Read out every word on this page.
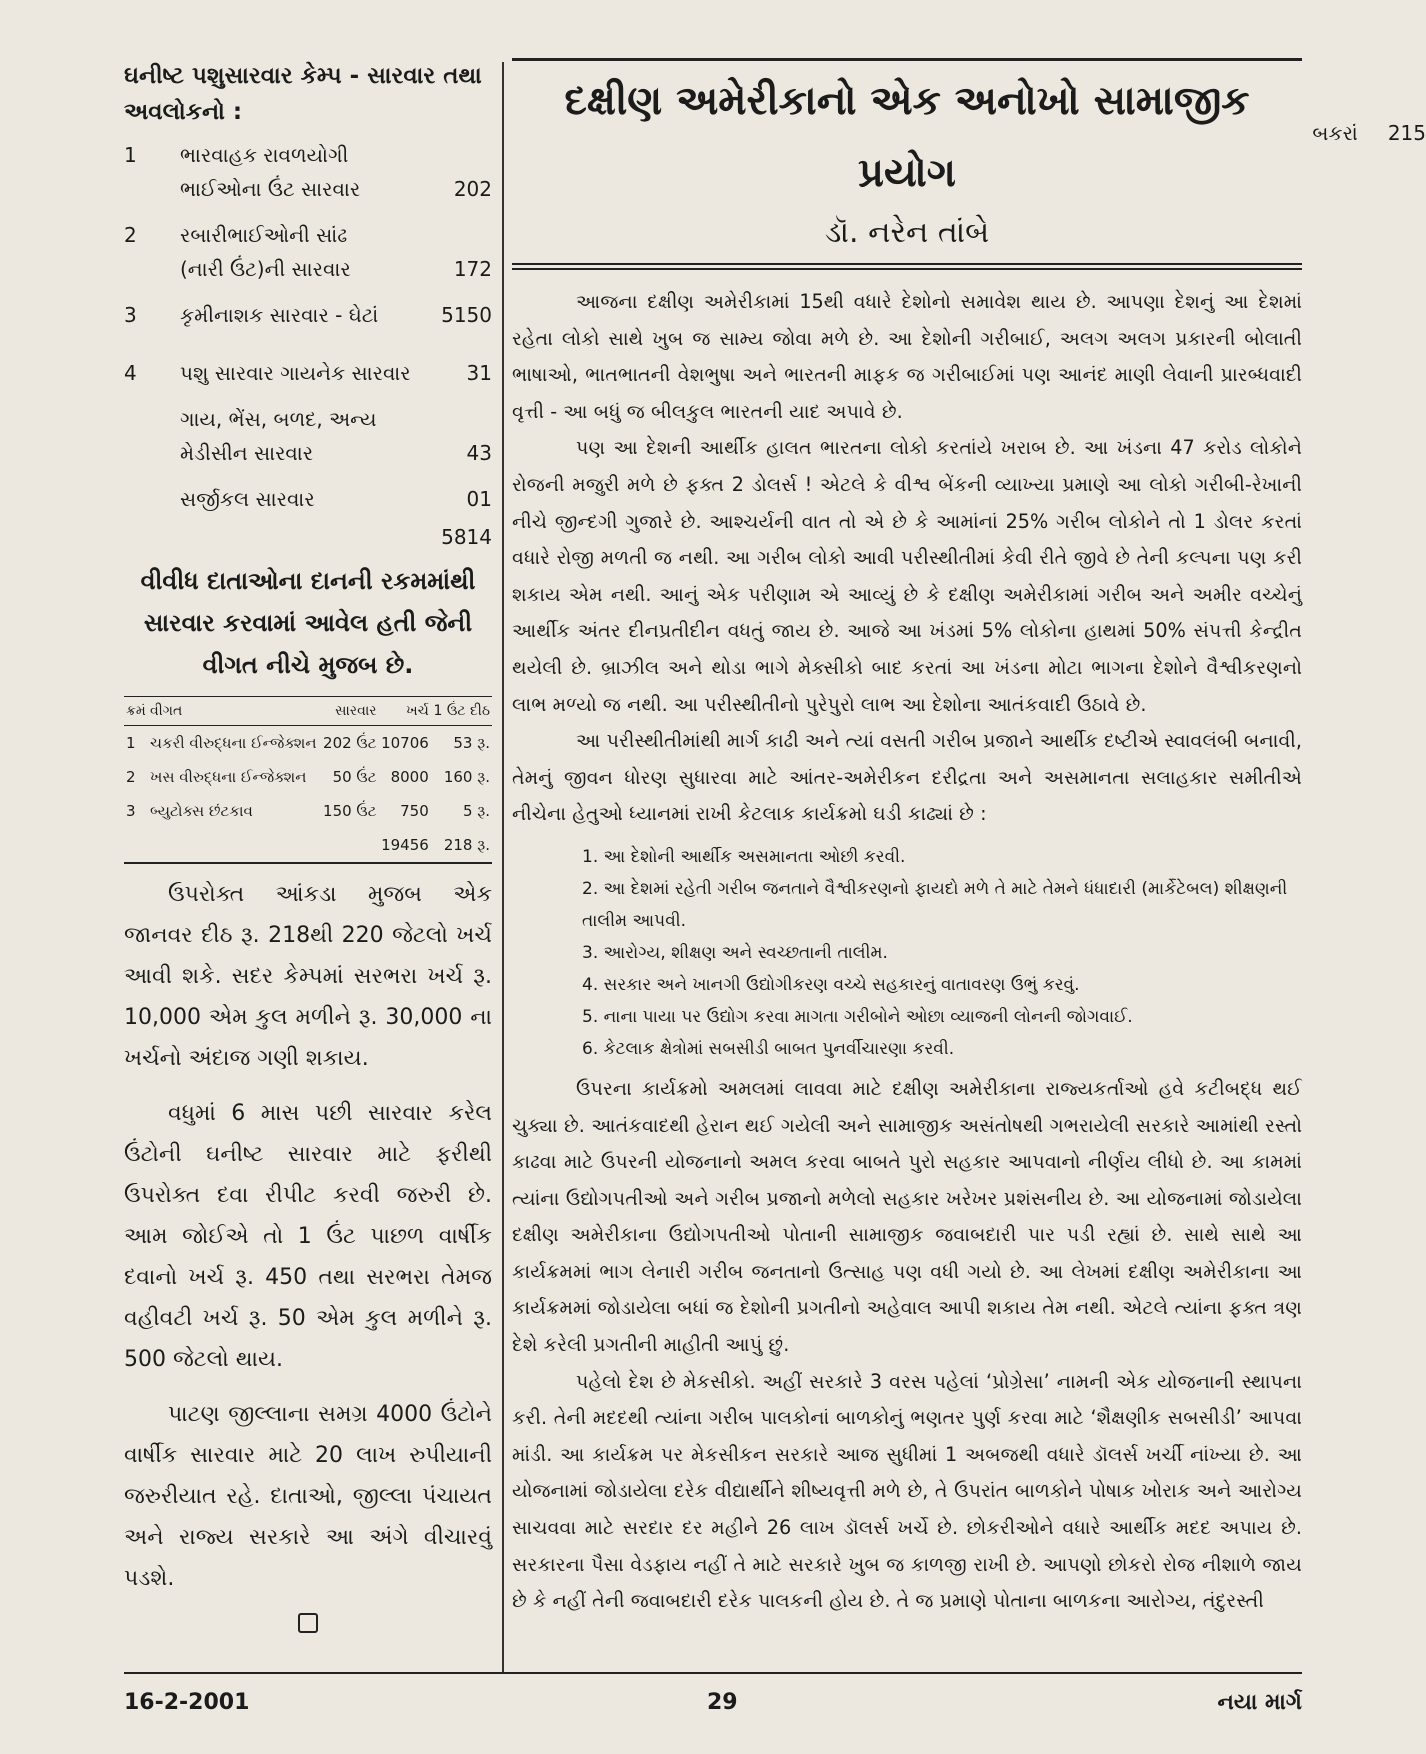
ઘનીષ્ટ પશુસારવાર કેમ્પ - સારવાર તથા અવલોકનો :
1	ભારવાહક રાવળયોગી
ભાઈઓના ઉંટ સારવાર	202
2	રબારીભાઈઓની સાંઢ
(નારી ઉંટ)ની સારવાર	172
3	કૃમીનાશક સારવાર - ઘેટાં	5150
બકરાં 215
4	પશુ સારવાર ગાયનેક સારવાર	31
ગાય, ભેંસ, બળદ, અન્ય
મેડીસીન સારવાર	43
સર્જીકલ સારવાર	01
5814
વીવીધ દાતાઓના દાનની રકમમાંથી સારવાર કરવામાં આવેલ હતી જેની વીગત નીચે મુજબ છે.
ક્રમં	વીગત	સારવાર	ખર્ચ	1 ઉંટ દીઠ
1	ચકરી વીરુદ્ધના ઈન્જેક્શન	202 ઉંટ	10706	53 રૂ.
2	ખસ વીરુદ્ધના ઈન્જેક્શન	50 ઉંટ	8000	160 રૂ.
3	બ્યુટોક્સ છંટકાવ	150 ઉંટ	750	5 રૂ.
			19456	218 રૂ.

ઉપરોક્ત આંકડા મુજબ એક જાનવર દીઠ રૂ. 218થી 220 જેટલો ખર્ચ આવી શકે. સદર કેમ્પમાં સરભરા ખર્ચ રૂ. 10,000 એમ કુલ મળીને રૂ. 30,000 ના ખર્ચનો અંદાજ ગણી શકાય.

વધુમાં 6 માસ પછી સારવાર કરેલ ઉંટોની ઘનીષ્ટ સારવાર માટે ફરીથી ઉપરોક્ત દવા રીપીટ કરવી જરુરી છે. આમ જોઈએ તો 1 ઉંટ પાછળ વાર્ષીક દવાનો ખર્ચ રૂ. 450 તથા સરભરા તેમજ વહીવટી ખર્ચ રૂ. 50 એમ કુલ મળીને રૂ. 500 જેટલો થાય.

પાટણ જીલ્લાના સમગ્ર 4000 ઉંટોને વાર્ષીક સારવાર માટે 20 લાખ રુપીયાની જરુરીયાત રહે. દાતાઓ, જીલ્લા પંચાયત અને રાજ્ય સરકારે આ અંગે વીચારવું પડશે.

દક્ષીણ અમેરીકાનો એક અનોખો સામાજીક પ્રયોગ
ડૉ. નરેન તાંબે

આજના દક્ષીણ અમેરીકામાં 15થી વધારે દેશોનો સમાવેશ થાય છે. આપણા દેશનું આ દેશમાં રહેતા લોકો સાથે ખુબ જ સામ્ય જોવા મળે છે. આ દેશોની ગરીબાઈ, અલગ અલગ પ્રકારની બોલાતી ભાષાઓ, ભાતભાતની વેશભુષા અને ભારતની માફક જ ગરીબાઈમાં પણ આનંદ માણી લેવાની પ્રારબ્ધવાદી વૃત્તી - આ બધું જ બીલકુલ ભારતની યાદ અપાવે છે.

પણ આ દેશની આર્થીક હાલત ભારતના લોકો કરતાંયે ખરાબ છે. આ ખંડના 47 કરોડ લોકોને રોજની મજુરી મળે છે ફક્ત 2 ડોલર્સ ! એટલે કે વીશ્વ બેંકની વ્યાખ્યા પ્રમાણે આ લોકો ગરીબી-રેખાની નીચે જીન્દગી ગુજારે છે. આશ્ચર્યની વાત તો એ છે કે આમાંનાં 25% ગરીબ લોકોને તો 1 ડોલર કરતાં વધારે રોજી મળતી જ નથી. આ ગરીબ લોકો આવી પરીસ્થીતીમાં કેવી રીતે જીવે છે તેની કલ્પના પણ કરી શકાય એમ નથી. આનું એક પરીણામ એ આવ્યું છે કે દક્ષીણ અમેરીકામાં ગરીબ અને અમીર વચ્ચેનું આર્થીક અંતર દીનપ્રતીદીન વધતું જાય છે. આજે આ ખંડમાં 5% લોકોના હાથમાં 50% સંપત્તી કેન્દ્રીત થયેલી છે. બ્રાઝીલ અને થોડા ભાગે મેક્સીકો બાદ કરતાં આ ખંડના મોટા ભાગના દેશોને વૈશ્વીકરણનો લાભ મળ્યો જ નથી. આ પરીસ્થીતીનો પુરેપુરો લાભ આ દેશોના આતંકવાદી ઉઠાવે છે.

આ પરીસ્થીતીમાંથી માર્ગ કાઢી અને ત્યાં વસતી ગરીબ પ્રજાને આર્થીક દષ્ટીએ સ્વાવલંબી બનાવી, તેમનું જીવન ધોરણ સુધારવા માટે આંતર-અમેરીકન દરીદ્રતા અને અસમાનતા સલાહકાર સમીતીએ નીચેના હેતુઓ ધ્યાનમાં રાખી કેટલાક કાર્યક્રમો ઘડી કાઢ્યાં છે :

1. આ દેશોની આર્થીક અસમાનતા ઓછી કરવી.
2. આ દેશમાં રહેતી ગરીબ જનતાને વૈશ્વીકરણનો ફાયદો મળે તે માટે તેમને ધંધાદારી (માર્કેટેબલ) શીક્ષણની તાલીમ આપવી.
3. આરોગ્ય, શીક્ષણ અને સ્વચ્છતાની તાલીમ.
4. સરકાર અને ખાનગી ઉદ્યોગીકરણ વચ્ચે સહકારનું વાતાવરણ ઉભું કરવું.
5. નાના પાયા પર ઉદ્યોગ કરવા માગતા ગરીબોને ઓછા વ્યાજની લોનની જોગવાઈ.
6. કેટલાક ક્ષેત્રોમાં સબસીડી બાબત પુનર્વીચારણા કરવી.

ઉપરના કાર્યક્રમો અમલમાં લાવવા માટે દક્ષીણ અમેરીકાના રાજ્યકર્તાઓ હવે કટીબદ્ધ થઈ ચુક્યા છે. આતંકવાદથી હેરાન થઈ ગયેલી અને સામાજીક અસંતોષથી ગભરાયેલી સરકારે આમાંથી રસ્તો કાઢવા માટે ઉપરની યોજનાનો અમલ કરવા બાબતે પુરો સહકાર આપવાનો નીર્ણય લીધો છે. આ કામમાં ત્યાંના ઉદ્યોગપતીઓ અને ગરીબ પ્રજાનો મળેલો સહકાર ખરેખર પ્રશંસનીય છે. આ યોજનામાં જોડાયેલા દક્ષીણ અમેરીકાના ઉદ્યોગપતીઓ પોતાની સામાજીક જવાબદારી પાર પડી રહ્યાં છે. સાથે સાથે આ કાર્યક્રમમાં ભાગ લેનારી ગરીબ જનતાનો ઉત્સાહ પણ વધી ગયો છે. આ લેખમાં દક્ષીણ અમેરીકાના આ કાર્યક્રમમાં જોડાયેલા બધાં જ દેશોની પ્રગતીનો અહેવાલ આપી શકાય તેમ નથી. એટલે ત્યાંના ફક્ત ત્રણ દેશે કરેલી પ્રગતીની માહીતી આપું છું.

પહેલો દેશ છે મેકસીકો. અહીં સરકારે 3 વરસ પહેલાં ‘પ્રોગ્રેસા’ નામની એક યોજનાની સ્થાપના કરી. તેની મદદથી ત્યાંના ગરીબ પાલકોનાં બાળકોનું ભણતર પુર્ણ કરવા માટે ‘શૈક્ષણીક સબસીડી’ આપવા માંડી. આ કાર્યક્રમ પર મેકસીકન સરકારે આજ સુધીમાં 1 અબજથી વધારે ડૉલર્સ ખર્ચી નાંખ્યા છે. આ યોજનામાં જોડાયેલા દરેક વીદ્યાર્થીને શીષ્યવૃત્તી મળે છે, તે ઉપરાંત બાળકોને પોષાક ખોરાક અને આરોગ્ય સાચવવા માટે સરદાર દર મહીને 26 લાખ ડૉલર્સ ખર્ચે છે. છોકરીઓને વધારે આર્થીક મદદ અપાય છે. સરકારના પૈસા વેડફાય નહીં તે માટે સરકારે ખુબ જ કાળજી રાખી છે. આપણો છોકરો રોજ નીશાળે જાય છે કે નહીં તેની જવાબદારી દરેક પાલકની હોય છે. તે જ પ્રમાણે પોતાના બાળકના આરોગ્ય, તંદુરસ્તી

16-2-2001	29	નયા માર્ગ
